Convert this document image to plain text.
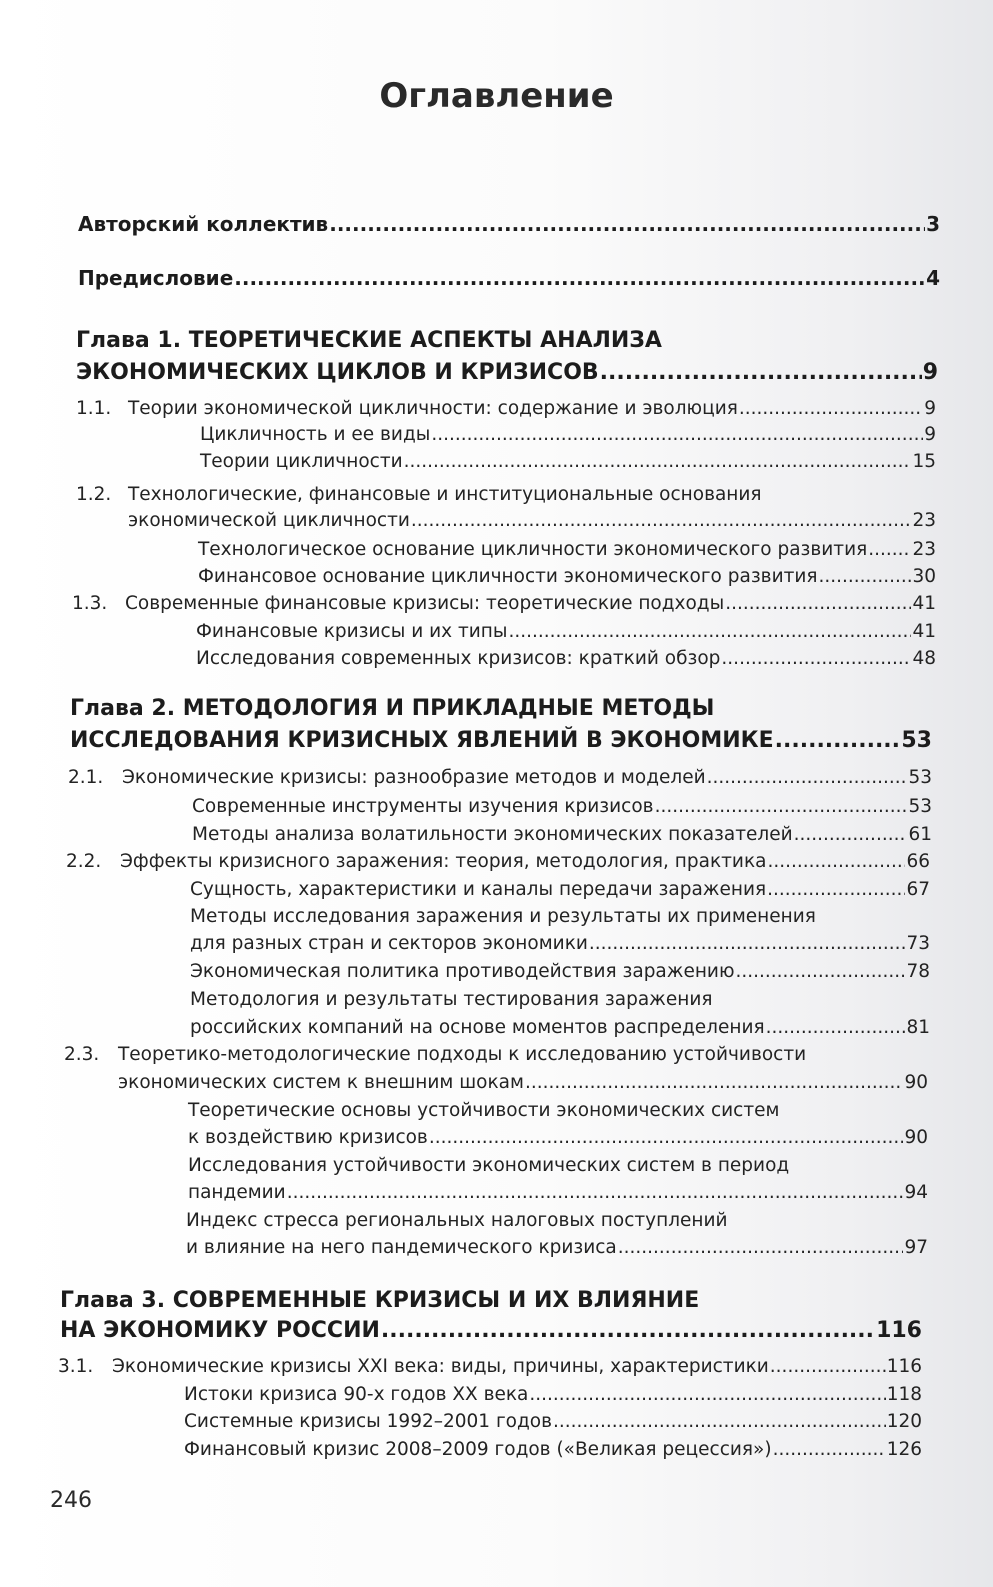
Оглавление
Авторский коллектив .....	3
Предисловие .....	4
Глава 1. ТЕОРЕТИЧЕСКИЕ АСПЕКТЫ АНАЛИЗА
ЭКОНОМИЧЕСКИХ ЦИКЛОВ И КРИЗИСОВ .....	9
1.1. Теории экономической цикличности: содержание и эволюция .....	9
Цикличность и ее виды .....	9
Теории цикличности .....	15
1.2. Технологические, финансовые и институциональные основания
экономической цикличности .....	23
Технологическое основание цикличности экономического развития ..... 23
Финансовое основание цикличности экономического развития .....	30
1.3. Современные финансовые кризисы: теоретические подходы .....	41
Финансовые кризисы и их типы .....	41
Исследования современных кризисов: краткий обзор .....	48
Глава 2. МЕТОДОЛОГИЯ И ПРИКЛАДНЫЕ МЕТОДЫ
ИССЛЕДОВАНИЯ КРИЗИСНЫХ ЯВЛЕНИЙ В ЭКОНОМИКЕ .....	53
2.1. Экономические кризисы: разнообразие методов и моделей .....	53
Современные инструменты изучения кризисов .....	53
Методы анализа волатильности экономических показателей .....	61
2.2. Эффекты кризисного заражения: теория, методология, практика .....	66
Сущность, характеристики и каналы передачи заражения .....	67
Методы исследования заражения и результаты их применения
для разных стран и секторов экономики .....	73
Экономическая политика противодействия заражению .....	78
Методология и результаты тестирования заражения
российских компаний на основе моментов распределения .....	81
2.3. Теоретико-методологические подходы к исследованию устойчивости
экономических систем к внешним шокам .....	90
Теоретические основы устойчивости экономических систем
к воздействию кризисов .....	90
Исследования устойчивости экономических систем в период
пандемии .....	94
Индекс стресса региональных налоговых поступлений
и влияние на него пандемического кризиса .....	97
Глава 3. СОВРЕМЕННЫЕ КРИЗИСЫ И ИХ ВЛИЯНИЕ
НА ЭКОНОМИКУ РОССИИ .....	116
3.1. Экономические кризисы XXI века: виды, причины, характеристики .....	116
Истоки кризиса 90-х годов XX века .....	118
Системные кризисы 1992–2001 годов .....	120
Финансовый кризис 2008–2009 годов («Великая рецессия») .....	126
246
